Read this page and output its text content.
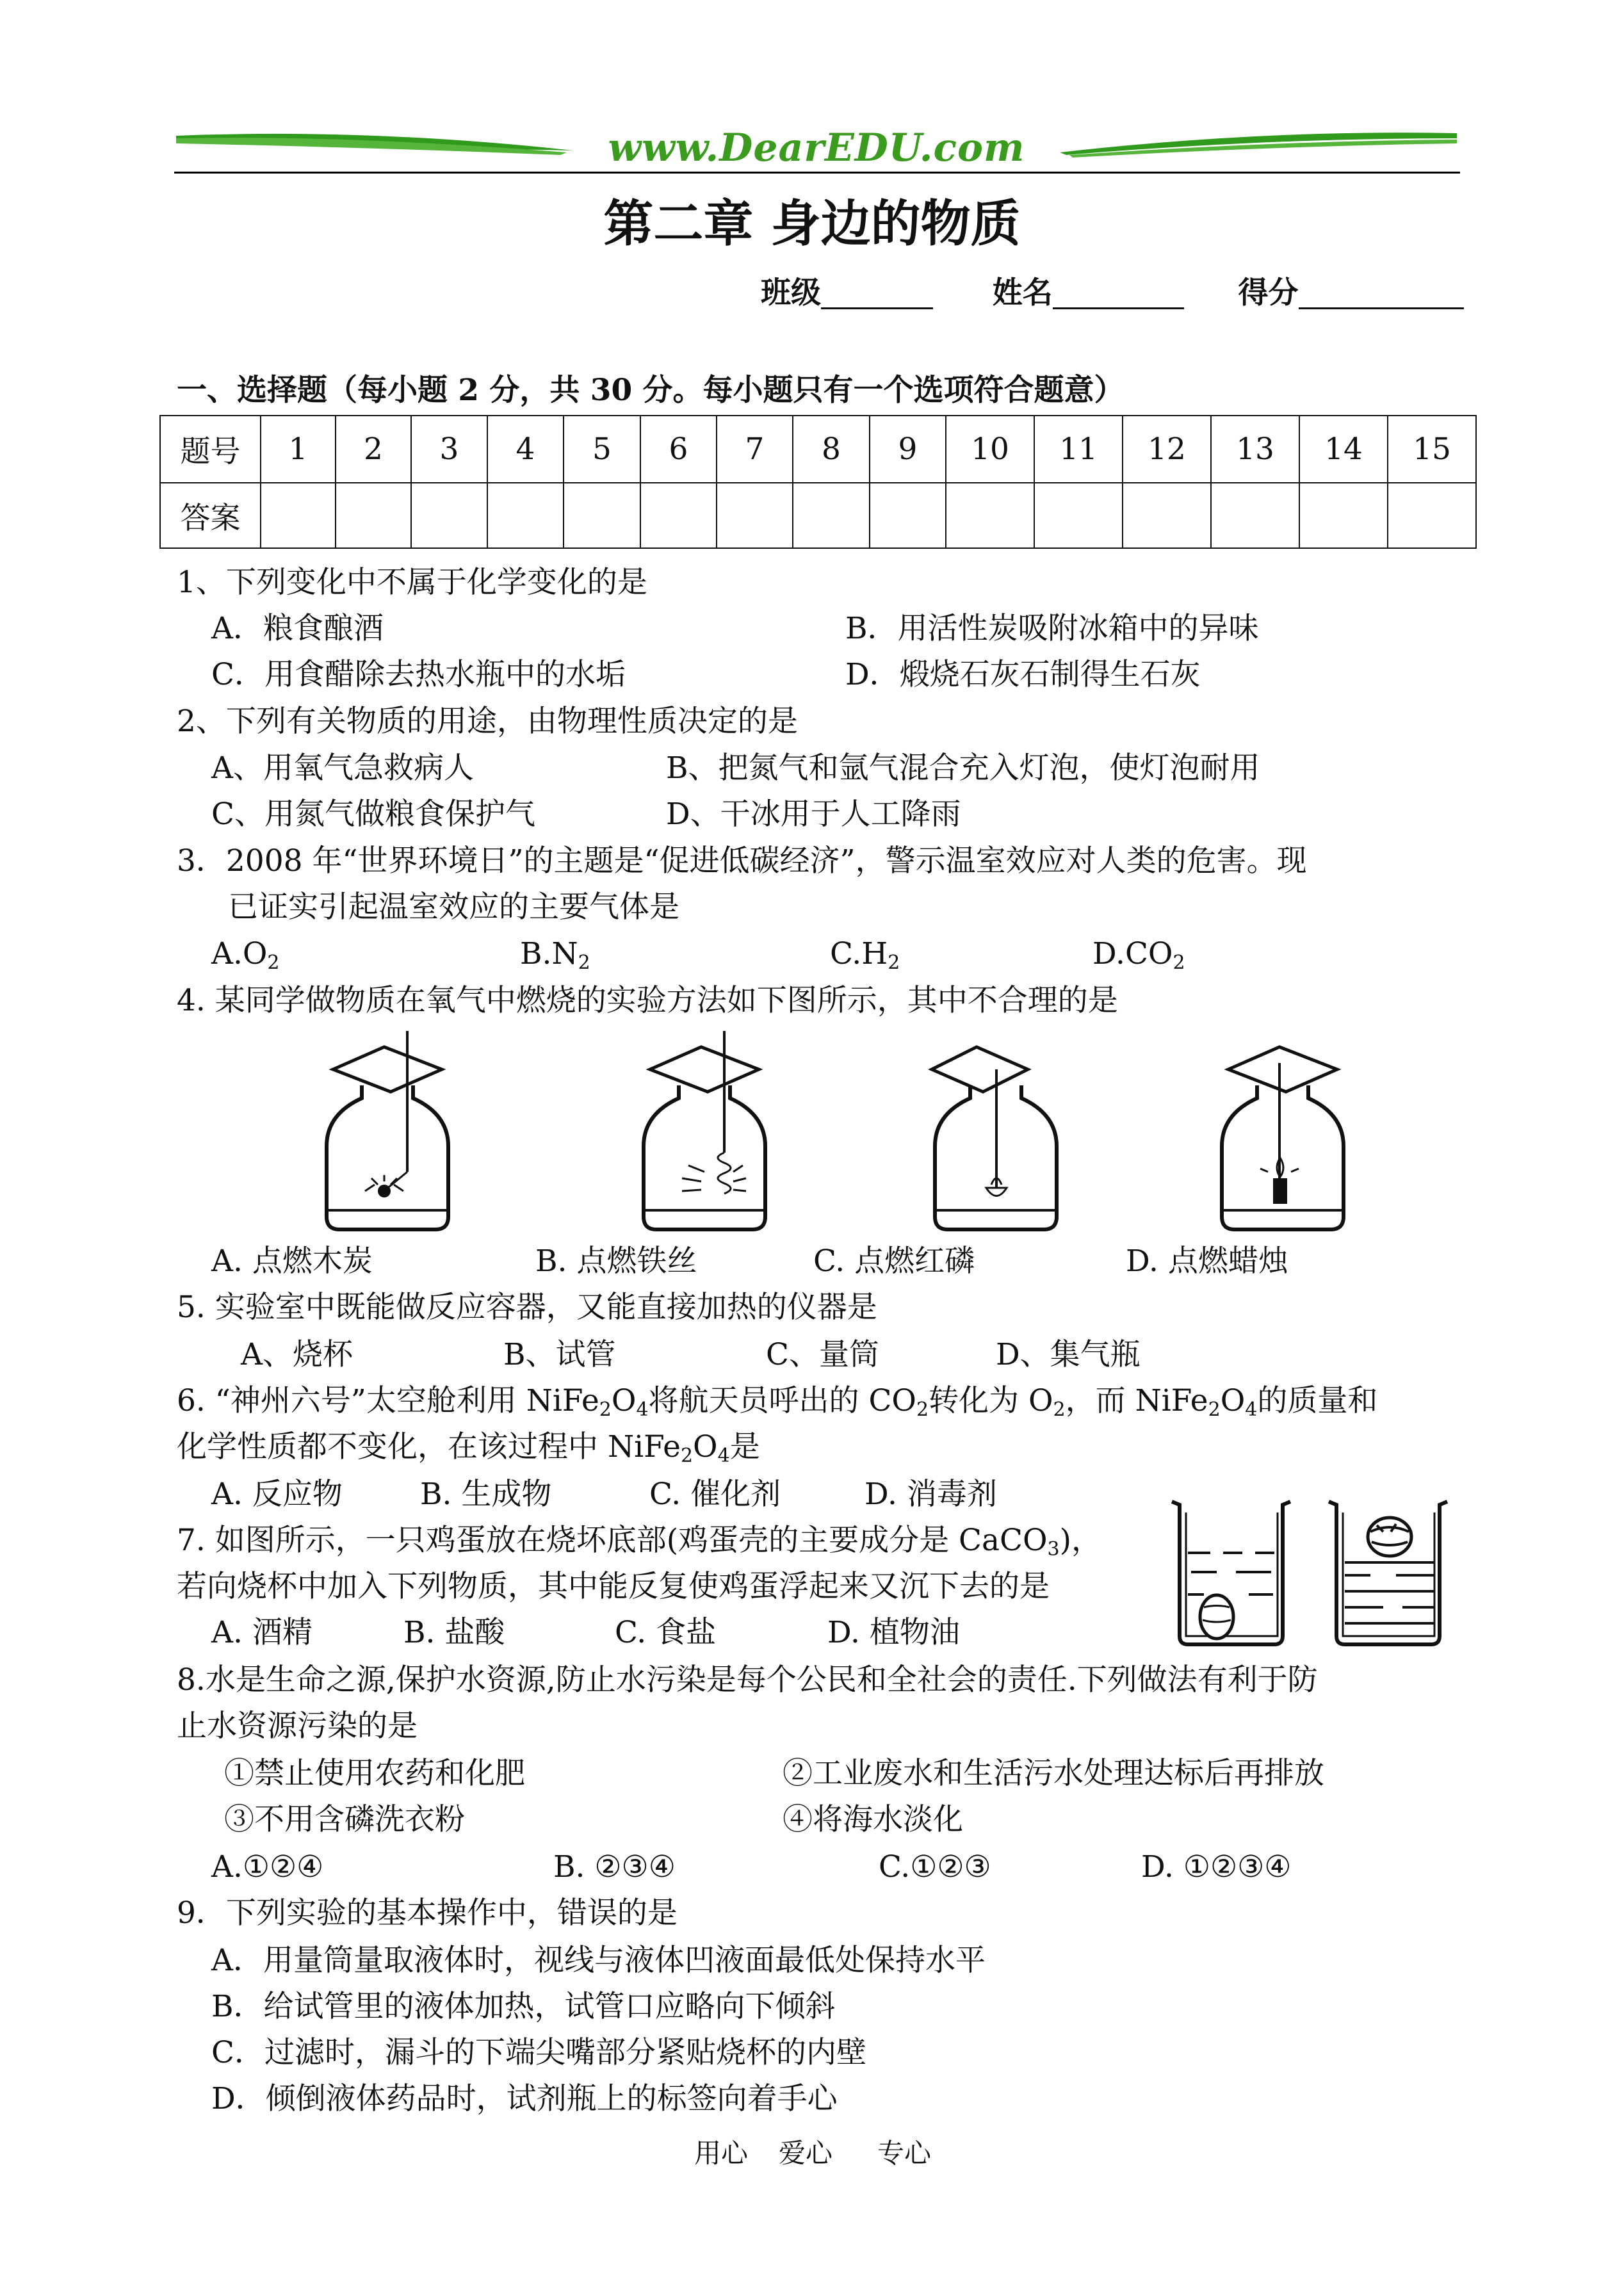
www.DearEDU.com
第二章 身边的物质
班级	姓名	得分
一、选择题（每小题 2 分，共 30 分。每小题只有一个选项符合题意）
题号	1	2	3	4	5	6	7	8	9	10	11	12	13	14	15
答案															
1、下列变化中不属于化学变化的是
A．粮食酿酒	B．用活性炭吸附冰箱中的异味
C．用食醋除去热水瓶中的水垢	D．煅烧石灰石制得生石灰
2、下列有关物质的用途，由物理性质决定的是
A、用氧气急救病人	B、把氮气和氩气混合充入灯泡，使灯泡耐用
C、用氮气做粮食保护气	D、干冰用于人工降雨
3．2008 年“世界环境日”的主题是“促进低碳经济”，警示温室效应对人类的危害。现
已证实引起温室效应的主要气体是
$A.O_2$	$B.N_2$	$C.H_2$	$D.CO_2$
4. 某同学做物质在氧气中燃烧的实验方法如下图所示，其中不合理的是
A. 点燃木炭	B. 点燃铁丝	C. 点燃红磷	D. 点燃蜡烛
5. 实验室中既能做反应容器，又能直接加热的仪器是
A、烧杯	B、试管	C、量筒	D、集气瓶
6. “神州六号”太空舱利用 $NiFe_2O_4$将航天员呼出的 $CO_2$转化为 $O_2$，而 $NiFe_2O_4$的质量和
化学性质都不变化，在该过程中 $NiFe_2O_4$是
A. 反应物	B. 生成物	C. 催化剂	D. 消毒剂
7. 如图所示，一只鸡蛋放在烧坏底部(鸡蛋壳的主要成分是 CaCO$_3$)，
若向烧杯中加入下列物质，其中能反复使鸡蛋浮起来又沉下去的是
A. 酒精	B. 盐酸	C. 食盐	D. 植物油
8.水是生命之源,保护水资源,防止水污染是每个公民和全社会的责任.下列做法有利于防
止水资源污染的是
①禁止使用农药和化肥	②工业废水和生活污水处理达标后再排放
③不用含磷洗衣粉	④将海水淡化
A.①②④	B. ②③④	C.①②③	D. ①②③④
9．下列实验的基本操作中，错误的是
A．用量筒量取液体时，视线与液体凹液面最低处保持水平
B．给试管里的液体加热，试管口应略向下倾斜
C．过滤时，漏斗的下端尖嘴部分紧贴烧杯的内壁
D．倾倒液体药品时，试剂瓶上的标签向着手心
用心 爱心 专心
